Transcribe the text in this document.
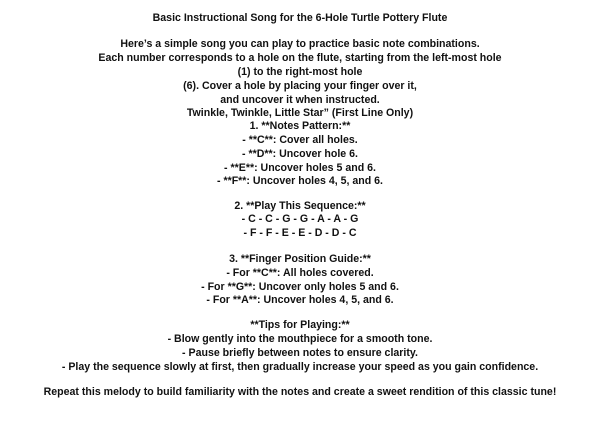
Basic Instructional Song for the 6-Hole Turtle Pottery Flute
Here’s a simple song you can play to practice basic note combinations.
Each number corresponds to a hole on the flute, starting from the left-most hole
(1) to the right-most hole
(6). Cover a hole by placing your finger over it,
and uncover it when instructed.
Twinkle, Twinkle, Little Star” (First Line Only)
1. **Notes Pattern:**
- **C**: Cover all holes.
- **D**: Uncover hole 6.
- **E**: Uncover holes 5 and 6.
- **F**: Uncover holes 4, 5, and 6.
2. **Play This Sequence:**
- C - C - G - G - A - A - G
- F - F - E - E - D - D - C
3. **Finger Position Guide:**
- For **C**: All holes covered.
- For **G**: Uncover only holes 5 and 6.
- For **A**: Uncover holes 4, 5, and 6.
**Tips for Playing:**
- Blow gently into the mouthpiece for a smooth tone.
- Pause briefly between notes to ensure clarity.
- Play the sequence slowly at first, then gradually increase your speed as you gain confidence.
Repeat this melody to build familiarity with the notes and create a sweet rendition of this classic tune!
